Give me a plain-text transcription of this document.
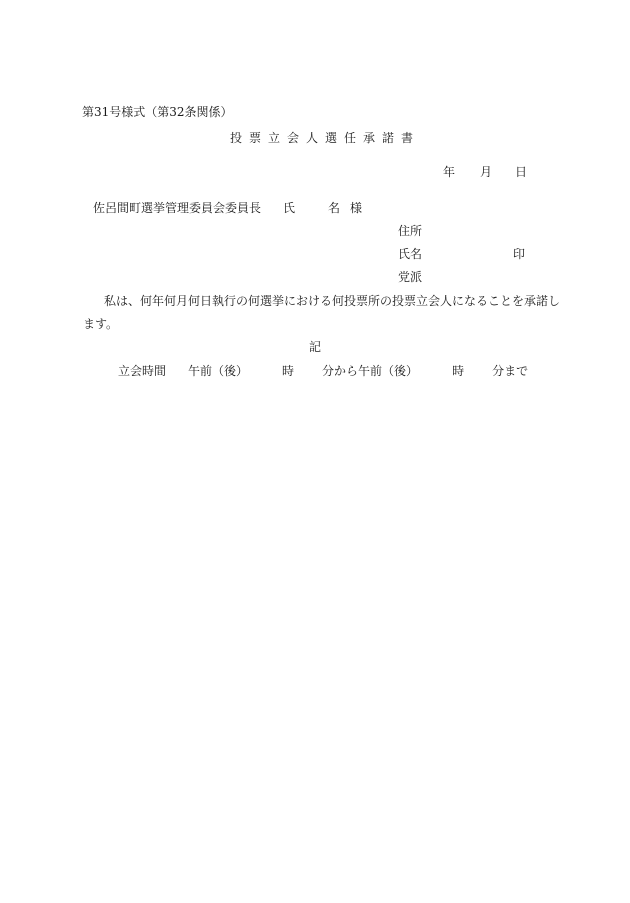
第31号様式（第32条関係）
投票立会人選任承諾書
年 月 日
佐呂間町選挙管理委員会委員長 氏	名様
住所
氏名	印
党派
私は、何年何月何日執行の何選挙における何投票所の投票立会人になることを承諾し
ます。
記
立会時間 午前（後）	時 分から午前（後）	時 分まで
